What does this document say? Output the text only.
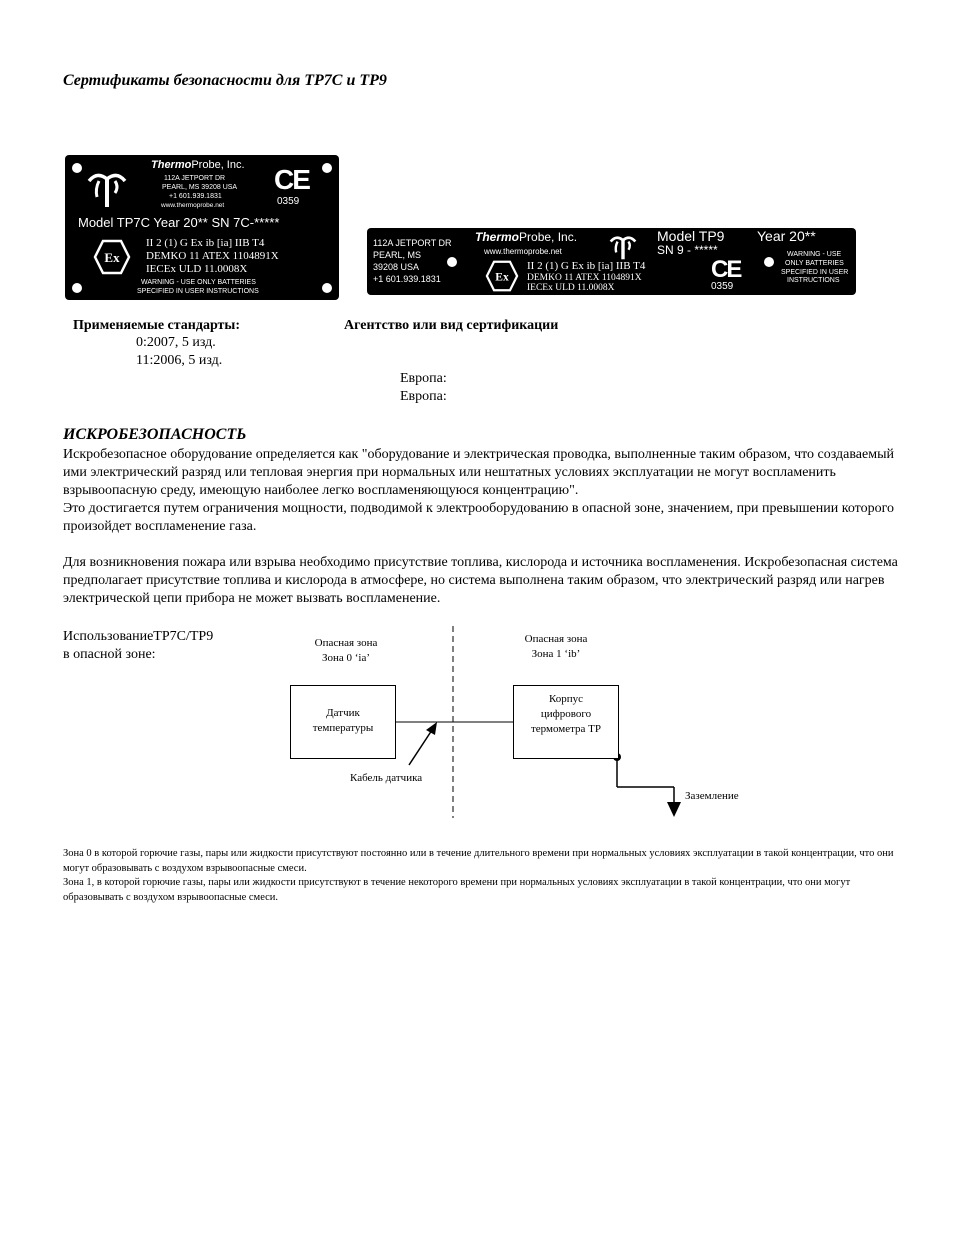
Сертификаты безопасности для TP7C и TP9
ThermoProbe, Inc.
112A JETPORT DR
PEARL, MS 39208 USA
+1 601.939.1831
www.thermoprobe.net
CE
0359
Model TP7C Year 20** SN 7C-*****
Ex
II 2 (1) G Ex ib [ia] IIB T4
DEMKO 11 ATEX 1104891X
IECEx ULD 11.0008X
WARNING - USE ONLY BATTERIES
SPECIFIED IN USER INSTRUCTIONS
112A JETPORT DR
PEARL, MS
39208 USA
+1 601.939.1831
ThermoProbe, Inc.
www.thermoprobe.net
Model TP9 Year 20**
SN 9 - *****
II 2 (1) G Ex ib [ia] IIB T4
DEMKO 11 ATEX 1104891X
IECEx ULD 11.0008X
Ex	CE
0359
WARNING - USE
ONLY BATTERIES
SPECIFIED IN USER
INSTRUCTIONS
Применяемые стандарты:	Агентство или вид сертификации
0:2007, 5 изд.
11:2006, 5 изд.
Европа:
Европа:
ИСКРОБЕЗОПАСНОСТЬ

Искробезопасное оборудование определяется как "оборудование и электрическая проводка, выполненные таким образом, что создаваемый ими электрический разряд или тепловая энергия при нормальных или нештатных условиях эксплуатации не могут воспламенить взрывоопасную среду, имеющую наиболее легко воспламеняющуюся концентрацию".

Это достигается путем ограничения мощности, подводимой к электрооборудованию в опасной зоне, значением, при превышении которого произойдет воспламенение газа.

Для возникновения пожара или взрыва необходимо присутствие топлива, кислорода и источника воспламенения. Искробезопасная система предполагает присутствие топлива и кислорода в атмосфере, но система выполнена таким образом, что электрический разряд или нагрев электрической цепи прибора не может вызвать воспламенение.

ИспользованиеTP7C/TP9
в опасной зоне:
Опасная зона
Зона 0 ‘ia’
Опасная зона
Зона 1 ‘ib’
Датчик
температуры
Корпус
цифрового
термометра TP
Кабель датчика
Заземление

Зона 0 в которой горючие газы, пары или жидкости присутствуют постоянно или в течение длительного времени при нормальных условиях эксплуатации в такой концентрации, что они могут образовывать с воздухом взрывоопасные смеси.

Зона 1, в которой горючие газы, пары или жидкости присутствуют в течение некоторого времени при нормальных условиях эксплуатации в такой концентрации, что они могут образовывать с воздухом взрывоопасные смеси.
